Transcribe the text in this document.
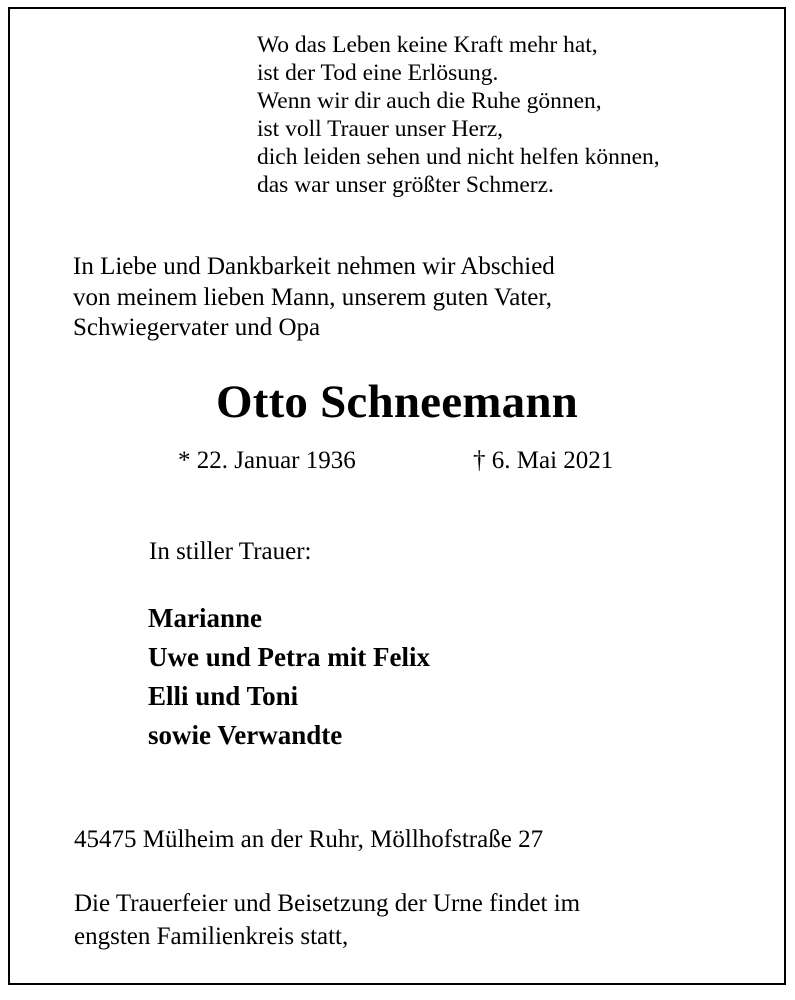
Wo das Leben keine Kraft mehr hat,
ist der Tod eine Erlösung.
Wenn wir dir auch die Ruhe gönnen,
ist voll Trauer unser Herz,
dich leiden sehen und nicht helfen können,
das war unser größter Schmerz.
In Liebe und Dankbarkeit nehmen wir Abschied
von meinem lieben Mann, unserem guten Vater,
Schwiegervater und Opa
Otto Schneemann
* 22. Januar 1936	† 6. Mai 2021
In stiller Trauer:
Marianne
Uwe und Petra mit Felix
Elli und Toni
sowie Verwandte
45475 Mülheim an der Ruhr, Möllhofstraße 27
Die Trauerfeier und Beisetzung der Urne findet im
engsten Familienkreis statt,
